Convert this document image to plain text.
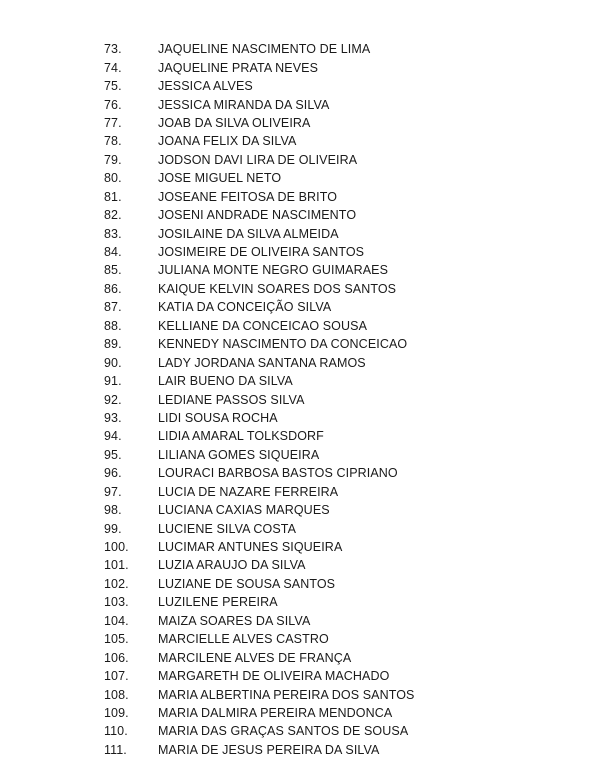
73.	JAQUELINE NASCIMENTO DE LIMA
74.	JAQUELINE PRATA NEVES
75.	JESSICA ALVES
76.	JESSICA MIRANDA DA SILVA
77.	JOAB DA SILVA OLIVEIRA
78.	JOANA FELIX DA SILVA
79.	JODSON DAVI LIRA DE OLIVEIRA
80.	JOSE MIGUEL NETO
81.	JOSEANE FEITOSA DE BRITO
82.	JOSENI ANDRADE NASCIMENTO
83.	JOSILAINE DA SILVA ALMEIDA
84.	JOSIMEIRE DE OLIVEIRA SANTOS
85.	JULIANA MONTE NEGRO GUIMARAES
86.	KAIQUE KELVIN SOARES DOS SANTOS
87.	KATIA DA CONCEIÇÃO SILVA
88.	KELLIANE DA CONCEICAO SOUSA
89.	KENNEDY NASCIMENTO DA CONCEICAO
90.	LADY JORDANA SANTANA RAMOS
91.	LAIR BUENO DA SILVA
92.	LEDIANE PASSOS SILVA
93.	LIDI SOUSA ROCHA
94.	LIDIA AMARAL TOLKSDORF
95.	LILIANA GOMES SIQUEIRA
96.	LOURACI BARBOSA BASTOS CIPRIANO
97.	LUCIA DE NAZARE FERREIRA
98.	LUCIANA CAXIAS MARQUES
99.	LUCIENE SILVA COSTA
100.	LUCIMAR ANTUNES SIQUEIRA
101.	LUZIA ARAUJO DA SILVA
102.	LUZIANE DE SOUSA SANTOS
103.	LUZILENE PEREIRA
104.	MAIZA SOARES DA SILVA
105.	MARCIELLE ALVES CASTRO
106.	MARCILENE ALVES DE FRANÇA
107.	MARGARETH DE OLIVEIRA MACHADO
108.	MARIA ALBERTINA PEREIRA DOS SANTOS
109.	MARIA DALMIRA PEREIRA MENDONCA
110.	MARIA DAS GRAÇAS SANTOS DE SOUSA
111.	MARIA DE JESUS PEREIRA DA SILVA
